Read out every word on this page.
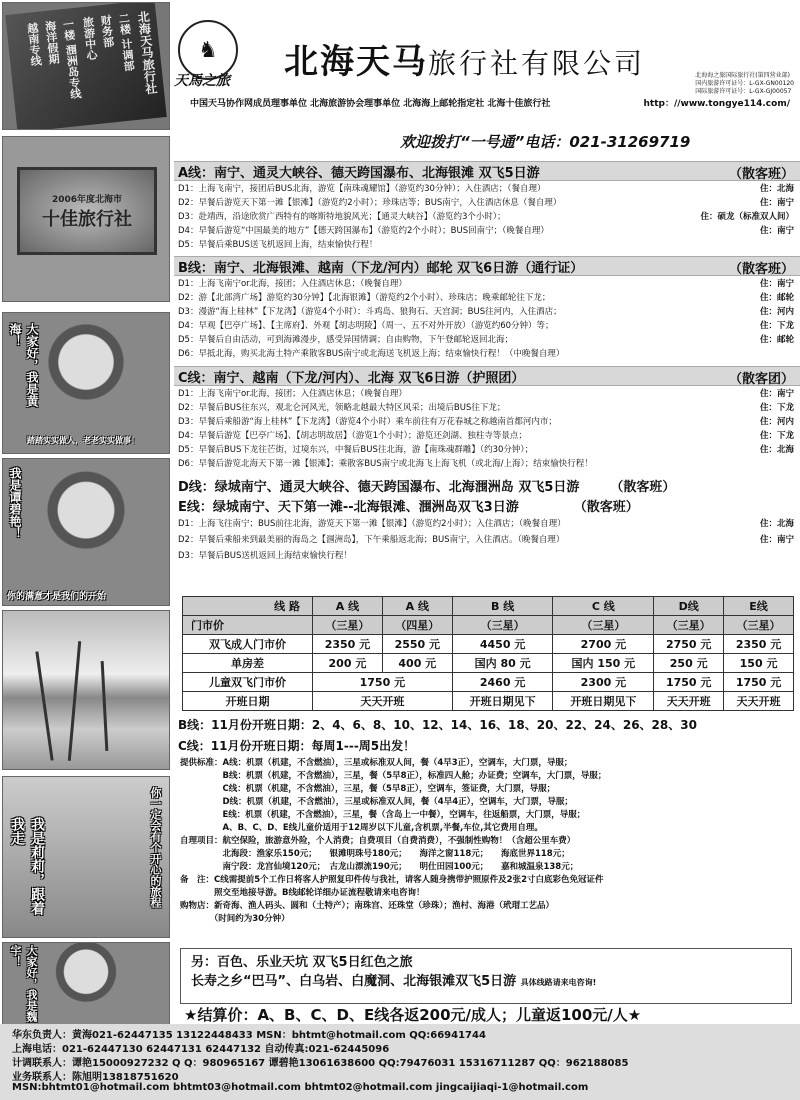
北海天马旅行社
二楼 计调部
财务部
旅游中心
一楼 涠洲岛专线
海洋假期
越南专线
2006年度北海市
十佳旅行社
大家好，我是黄海！
踏踏实实做人，老老实实做事！
我是谭碧艳！
你的满意才是我们的开始
我是莉莉，跟着我走	你一定会有个开心的旅程
大家好，我是魏宇！
♞
天馬之旅 北海天马旅行社有限公司	北海海之旅国际旅行社(第四营业部)
国内旅游许可证号：L-GX-GN00120
国际旅游许可证号：L-GX-GJ00057
中国天马协作网成员理事单位 北海旅游协会理事单位 北海海上邮轮指定社 北海十佳旅行社	http：//www.tongye114.com/
欢迎拨打“一号通”电话：021-31269719
A线：南宁、通灵大峡谷、德天跨国瀑布、北海银滩 双飞5日游	（散客班）
D1：上海飞南宁，接团后BUS北海，游览【南珠魂耀馆】（游览约30分钟）；入住酒店；（餐自理）	住：北海
D2：早餐后游览天下第一滩【银滩】（游览约2小时）；珍珠店等；BUS南宁，入住酒店休息（餐自理）	住：南宁
D3：赴靖西，沿途欣赏广西特有的喀斯特地貌风光；【通灵大峡谷】（游览约3个小时）；	住：硕龙（标准双人间）
D4：早餐后游览“中国最美的地方”【德天跨国瀑布】（游览约2个小时）；BUS回南宁；（晚餐自理）	住：南宁
D5：早餐后乘BUS送飞机返回上海，结束愉快行程！
B线：南宁、北海银滩、越南（下龙/河内）邮轮 双飞6日游（通行证）	（散客班）
D1：上海飞南宁or北海，接团；入住酒店休息；（晚餐自理）	住：南宁
D2：游【北部湾广场】游览约30分钟】【北海银滩】（游览约2个小时）、珍珠店；晚乘邮轮往下龙；	住：邮轮
D3：漫游“海上桂林”【下龙湾】（游览4个小时）：斗鸡岛、狼狗石、天宫洞；BUS往河内，入住酒店；	住：河内
D4：早观【巴亭广场】、【主席府】、外观【胡志明陵】（周一、五不对外开放）（游览约60分钟）等；	住：下龙
D5：早餐后自由活动，可到海滩漫步，感受异国情调；自由购物，下午登邮轮返回北海；	住：邮轮
D6：早抵北海，购买北海土特产乘散客BUS南宁或北海送飞机返上海；结束愉快行程！（中晚餐自理）
C线：南宁、越南（下龙/河内）、北海 双飞6日游（护照团）	（散客团）
D1：上海飞南宁or北海，接团；入住酒店休息；（晚餐自理）	住：南宁
D2：早餐后BUS往东兴，观北仑河风光，领略北越最大特区风采；出境后BUS往下龙；	住：下龙
D3：早餐后乘船游“海上桂林”【下龙湾】（游览4个小时）乘车前往有万花春城之称越南首都河内市；	住：河内
D4：早餐后游览【巴亭广场】、【胡志明故居】（游览1个小时）；游览还剑湖、独柱寺等景点；	住：下龙
D5：早餐后BUS下龙往芒街，过境东兴，中餐后BUS往北海，游【南珠魂群雕】（约30分钟）；	住：北海
D6：早餐后游览北海天下第一滩【银滩】；乘散客BUS南宁或北海飞上海飞机（或北海/上海）；结束愉快行程！
D线：绿城南宁、通灵大峡谷、德天跨国瀑布、北海涠洲岛 双飞5日游 （散客班）
E线：绿城南宁、天下第一滩--北海银滩、涠洲岛双飞3日游	（散客班）
D1：上海飞往南宁；BUS前往北海，游览天下第一滩【银滩】（游览约2小时）；入住酒店；（晚餐自理）	住：北海
D2：早餐后乘船来到最美丽的海岛之【涠洲岛】，下午乘船返北海；BUS南宁，入住酒店。（晚餐自理）	住：南宁
D3：早餐后BUS送机返回上海结束愉快行程！
线 路	A 线	A 线	B 线	C 线	D线	E线
门市价	（三星）	（四星）	（三星）	（三星）	（三星）	（三星）
双飞成人门市价	2350 元	2550 元	4450 元	2700 元	2750 元	2350 元
单房差	200 元	400 元	国内 80 元	国内 150 元	250 元	150 元
儿童双飞门市价	1750 元		2460 元	2300 元	1750 元	1750 元
开班日期	天天开班		开班日期见下	开班日期见下	天天开班	天天开班
B线：11月份开班日期：2、4、6、8、10、12、14、16、18、20、22、24、26、28、30
C线：11月份开班日期：每周1---周5出发！
提供标准：A线：机票（机建，不含燃油），三星或标准双人间，餐（4早3正），空调车，大门票，导服；
　　　　　B线：机票（机建，不含燃油），三星，餐（5早8正），标准四人舱；办证费；空调车，大门票，导服；
　　　　　C线：机票（机建，不含燃油），三星，餐（5早8正），空调车，签证费，大门票，导服；
　　　　　D线：机票（机建，不含燃油），三星或标准双人间，餐（4早4正），空调车，大门票，导服；
　　　　　E线：机票（机建，不含燃油），三星，餐（含岛上一中餐），空调车，往返船票，大门票，导服；
　　　　　A、B、C、D、E线儿童价适用于12周岁以下儿童,含机票,半餐,车位,其它费用自理。
自理项目：航空保险，旅游意外险，个人消费；自费项目（自费消费），不强制性购物！（含超公里车费）
　　　　　北海段：渔家乐150元；　　银滩明珠号180元；　　海洋之窗118元；　　海底世界118元；
　　　　　南宁段：龙宫仙境120元；　古龙山漂流190元；　　明仕田园100元；　　嘉和城温泉138元；
备　注：C线需提前5个工作日将客人护照复印件传与我社，请客人随身携带护照原件及2张2寸白底彩色免冠证件
　　　　照交至地接导游。B线邮轮详细办证流程敬请来电咨询！
购物店：新奇海、渔人码头、圆和（土特产）；南珠宫、还珠堂（珍珠）；渔村、海港（玳瑁工艺品）
　　　　（时间约为30分钟）
另：百色、乐业天坑 双飞5日红色之旅
长寿之乡“巴马”、白乌岩、白魔洞、北海银滩双飞5日游 具体线路请来电咨询!
★结算价：A、B、C、D、E线各返200元/成人；儿童返100元/人★
华东负责人：黄海021-62447135 13122448433 MSN：bhtmt@hotmail.com QQ:66941744
上海电话：021-62447130 62447131 62447132 自动传真:021-62445096
计调联系人：谭艳15000927232 Q Q：980965167 谭碧艳13061638600 QQ:79476031 15316711287 QQ：962188085
业务联系人：陈旭明13818751620
MSN:bhtmt01@hotmail.com bhtmt03@hotmail.com bhtmt02@hotmail.com jingcaijiaqi-1@hotmail.com
